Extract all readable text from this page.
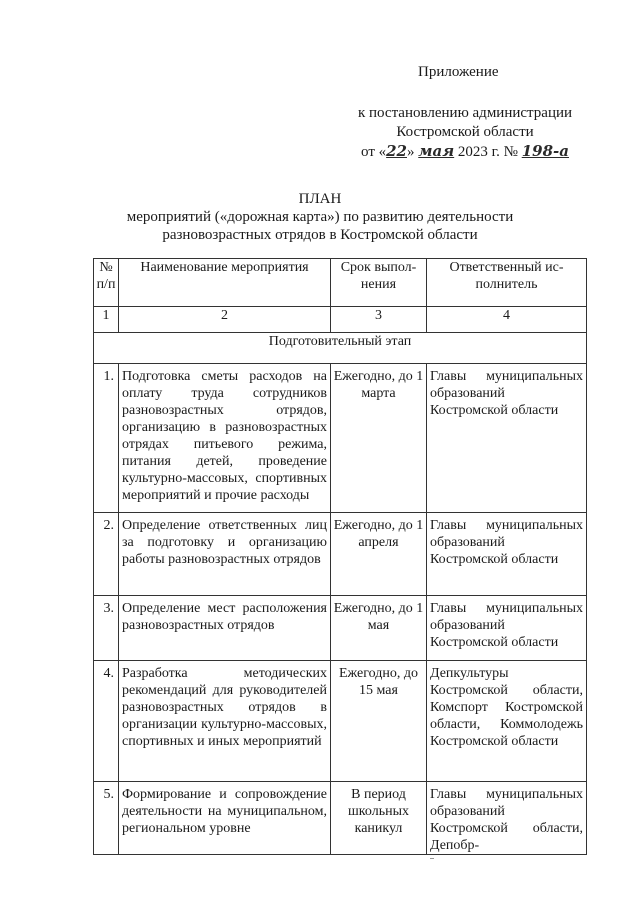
Приложение
к постановлению администрации
Костромской области
от «22» мая 2023 г. № 198-а
ПЛАН
мероприятий («дорожная карта») по развитию деятельности
разновозрастных отрядов в Костромской области
№ п/п	Наименование мероприятия	Срок выпол-нения	Ответственный ис-полнитель
1	2	3	4
Подготовительный этап			
1.	Подготовка сметы расходов на оплату труда сотрудников разновозрастных отрядов, организацию в разновозрастных отрядах питьевого режима, питания детей, проведение культурно-массовых, спортивных мероприятий и прочие расходы	Ежегодно, до 1 марта	Главы муниципальных образований Костромской области
2.	Определение ответственных лиц за подготовку и организацию работы разновозрастных отрядов	Ежегодно, до 1 апреля	Главы муниципальных образований Костромской области
3.	Определение мест расположения разновозрастных отрядов	Ежегодно, до 1 мая	Главы муниципальных образований Костромской области
4.	Разработка методических рекомендаций для руководителей разновозрастных отрядов в организации культурно-массовых, спортивных и иных мероприятий	Ежегодно, до 15 мая	Депкультуры Костромской области, Комспорт Костромской области, Коммолодежь Костромской области
5.	Формирование и сопровождение деятельности на муниципальном, региональном уровне	В период школьных каникул	Главы муниципальных образований Костромской области, Депобр-
